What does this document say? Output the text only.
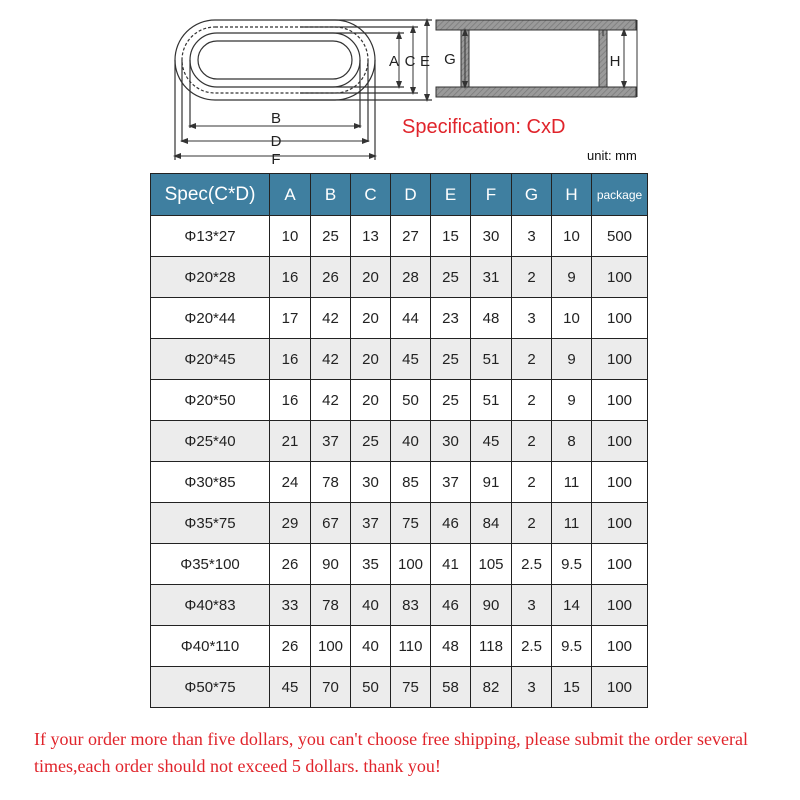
B
D
F
A C E G	H
Specification: CxD
unit: mm
Spec(C*D)	A	B	C	D	E	F	G	H	package
Φ13*27	10	25	13	27	15	30	3	10	500
Φ20*28	16	26	20	28	25	31	2	9	100
Φ20*44	17	42	20	44	23	48	3	10	100
Φ20*45	16	42	20	45	25	51	2	9	100
Φ20*50	16	42	20	50	25	51	2	9	100
Φ25*40	21	37	25	40	30	45	2	8	100
Φ30*85	24	78	30	85	37	91	2	11	100
Φ35*75	29	67	37	75	46	84	2	11	100
Φ35*100	26	90	35	100	41	105	2.5	9.5	100
Φ40*83	33	78	40	83	46	90	3	14	100
Φ40*110	26	100	40	110	48	118	2.5	9.5	100
Φ50*75	45	70	50	75	58	82	3	15	100

If your order more than five dollars, you can't choose free shipping, please submit the order several times,each order should not exceed 5 dollars. thank you!
